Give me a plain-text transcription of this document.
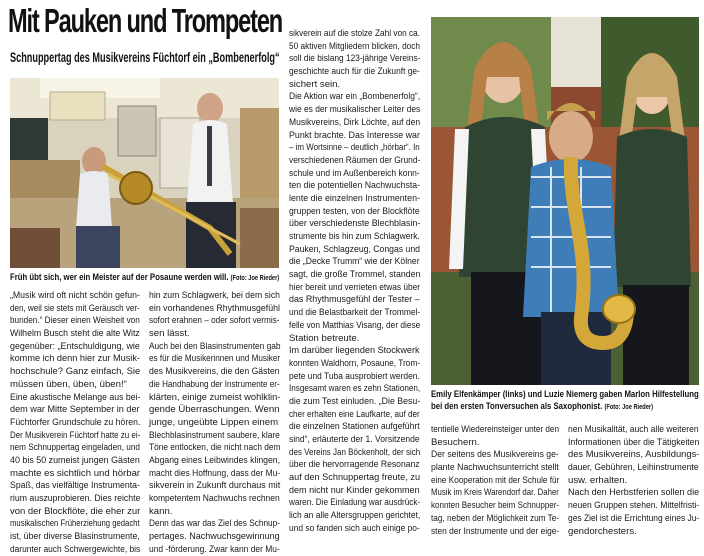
Mit Pauken und Trompeten
Schnuppertag des Musikvereins Füchtorf ein „Bombenerfolg“
Früh übt sich, wer ein Meister auf der Posaune werden will. (Foto: Joe Rieder)
Emily Elfenkämper (links) und Luzie Niemerg gaben Marlon Hilfestellung
bei den ersten Tonversuchen als Saxophonist. (Foto: Joe Rieder)
„Musik wird oft nicht schön gefun-
den, weil sie stets mit Geräusch ver-
bunden.“ Dieser einen Weisheit von
Wilhelm Busch steht die alte Witz
gegenüber: „Entschuldigung, wie
komme ich denn hier zur Musik-
hochschule? Ganz einfach, Sie
müssen üben, üben, üben!“
Eine akustische Melange aus bei-
dem war Mitte September in der
Füchtorfer Grundschule zu hören.
Der Musikverein Füchtorf hatte zu ei-
nem Schnuppertag eingeladen, und
40 bis 50 zumeist jungen Gästen
machte es sichtlich und hörbar
Spaß, das vielfältige Instrumenta-
rium auszuprobieren. Dies reichte
von der Blockflöte, die eher zur
musikalischen Früherziehung gedacht
ist, über diverse Blasinstrumente,
darunter auch Schwergewichte, bis
hin zum Schlagwerk, bei dem sich
ein vorhandenes Rhythmusgefühl
sofort erahnen – oder sofort vermis-
sen lässt.
Auch bei den Blasinstrumenten gab
es für die Musikerinnen und Musiker
des Musikvereins, die den Gästen
die Handhabung der Instrumente er-
klärten, einige zumeist wohlklin-
gende Überraschungen. Wenn
junge, ungeübte Lippen einem
Blechblasinstrument saubere, klare
Töne entlocken, die nicht nach dem
Abgang eines Leibwindes klingen,
macht dies Hoffnung, dass der Mu-
sikverein in Zukunft durchaus mit
kompetentem Nachwuchs rechnen
kann.
Denn das war das Ziel des Schnup-
pertages. Nachwuchsgewinnung
und -förderung. Zwar kann der Mu-
sikverein auf die stolze Zahl von ca.
50 aktiven Mitgliedern blicken, doch
soll die bislang 123-jährige Vereins-
geschichte auch für die Zukunft ge-
sichert sein.
Die Aktion war ein „Bombenerfolg“,
wie es der musikalischer Leiter des
Musikvereins, Dirk Löchte, auf den
Punkt brachte. Das Interesse war
– im Wortsinne – deutlich „hörbar“. In
verschiedenen Räumen der Grund-
schule und im Außenbereich konn-
ten die potentiellen Nachwuchsta-
lente die einzelnen Instrumenten-
gruppen testen, von der Blockflöte
über verschiedenste Blechblasin-
strumente bis hin zum Schlagwerk.
Pauken, Schlagzeug, Congas und
die „Decke Trumm“ wie der Kölner
sagt, die große Trommel, standen
hier bereit und verrieten etwas über
das Rhythmusgefühl der Tester –
und die Belastbarkeit der Trommel-
felle von Matthias Visang, der diese
Station betreute.
Im darüber liegenden Stockwerk
konnten Waldhorn, Posaune, Trom-
pete und Tuba ausprobiert werden.
Insgesamt waren es zehn Stationen,
die zum Test einluden. „Die Besu-
cher erhalten eine Laufkarte, auf der
die einzelnen Stationen aufgeführt
sind“, erläuterte der 1. Vorsitzende
des Vereins Jan Böckenholt, der sich
über die hervorragende Resonanz
auf den Schnuppertag freute, zu
dem nicht nur Kinder gekommen
waren. Die Einladung war ausdrück-
lich an alle Altersgruppen gerichtet,
und so fanden sich auch einige po-
tentielle Wiedereinsteiger unter den
Besuchern.
Der seitens des Musikvereins ge-
plante Nachwuchsunterricht stellt
eine Kooperation mit der Schule für
Musik im Kreis Warendorf dar. Daher
konnten Besucher beim Schnupper-
tag, neben der Möglichkeit zum Te-
sten der Instrumente und der eige-
nen Musikalität, auch alle weiteren
Informationen über die Tätigkeiten
des Musikvereins, Ausbildungs-
dauer, Gebühren, Leihinstrumente
usw. erhalten.
Nach den Herbstferien sollen die
neuen Gruppen stehen. Mittelfristi-
ges Ziel ist die Errichtung eines Ju-
gendorchesters.
